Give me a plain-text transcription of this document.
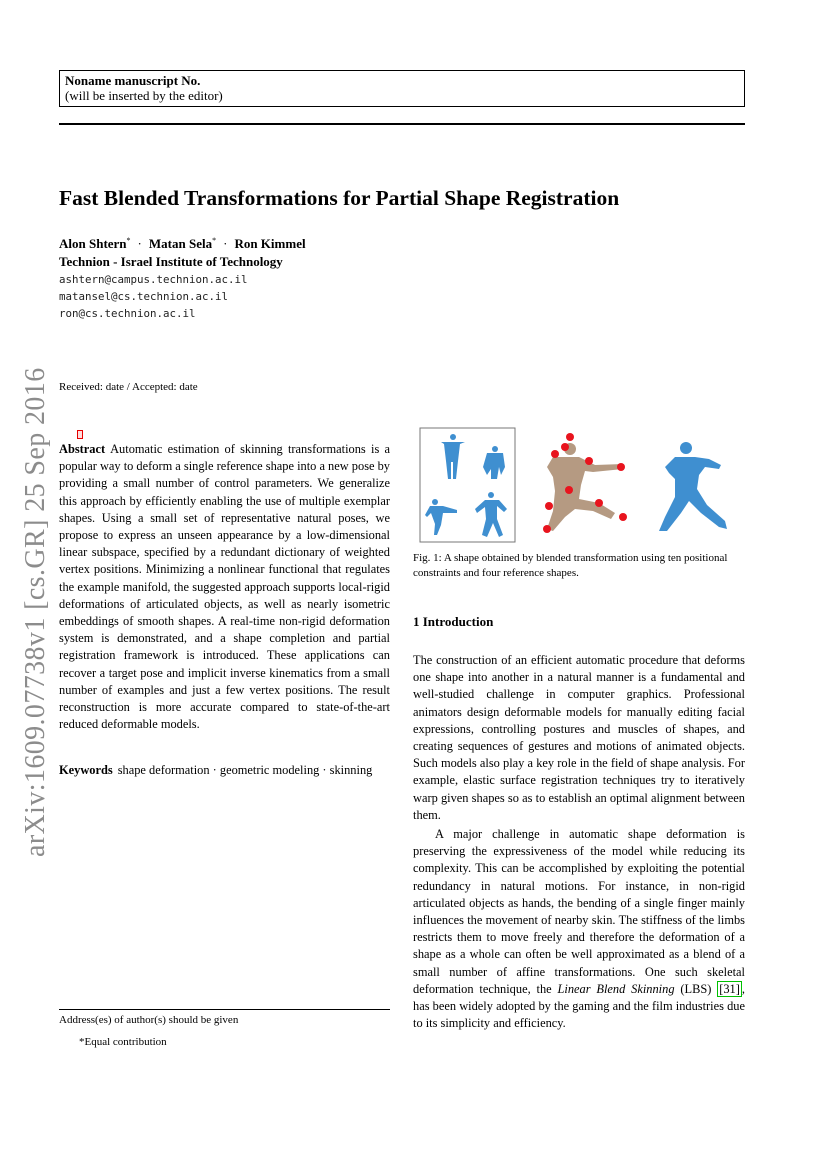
Noname manuscript No.
(will be inserted by the editor)
Fast Blended Transformations for Partial Shape Registration
Alon Shtern* · Matan Sela* · Ron Kimmel
Technion - Israel Institute of Technology
ashtern@campus.technion.ac.il
matansel@cs.technion.ac.il
ron@cs.technion.ac.il
Received: date / Accepted: date
arXiv:1609.07738v1 [cs.GR] 25 Sep 2016 Abstract Automatic estimation of skinning transformations is a popular way to deform a single reference shape into a new pose by providing a small number of control parameters. We generalize this approach by efficiently enabling the use of multiple exemplar shapes. Using a small set of representative natural poses, we propose to express an unseen appearance by a low-dimensional linear subspace, specified by a redundant dictionary of weighted vertex positions. Minimizing a nonlinear functional that regulates the example manifold, the suggested approach supports local-rigid deformations of articulated objects, as well as nearly isometric embeddings of smooth shapes. A real-time non-rigid deformation system is demonstrated, and a shape completion and partial registration framework is introduced. These applications can recover a target pose and implicit inverse kinematics from a small number of examples and just a few vertex positions. The result reconstruction is more accurate compared to state-of-the-art reduced deformable models.
Keywords shape deformation · geometric modeling · skinning
Address(es) of author(s) should be given
*Equal contribution
Fig. 1: A shape obtained by blended transformation using ten positional constraints and four reference shapes.
1 Introduction
The construction of an efficient automatic procedure that deforms one shape into another in a natural manner is a fundamental and well-studied challenge in computer graphics. Professional animators design deformable models for manually editing facial expressions, controlling postures and muscles of shapes, and creating sequences of gestures and motions of animated objects. Such models also play a key role in the field of shape analysis. For example, elastic surface registration techniques try to iteratively warp given shapes so as to establish an optimal alignment between them.
A major challenge in automatic shape deformation is preserving the expressiveness of the model while reducing its complexity. This can be accomplished by exploiting the potential redundancy in natural motions. For instance, in non-rigid articulated objects as hands, the bending of a single finger mainly influences the movement of nearby skin. The stiffness of the limbs restricts them to move freely and therefore the deformation of a shape as a whole can often be well approximated as a blend of a small number of affine transformations. One such skeletal deformation technique, the Linear Blend Skinning (LBS) [31] , has been widely adopted by the gaming and the film industries due to its simplicity and efficiency.
